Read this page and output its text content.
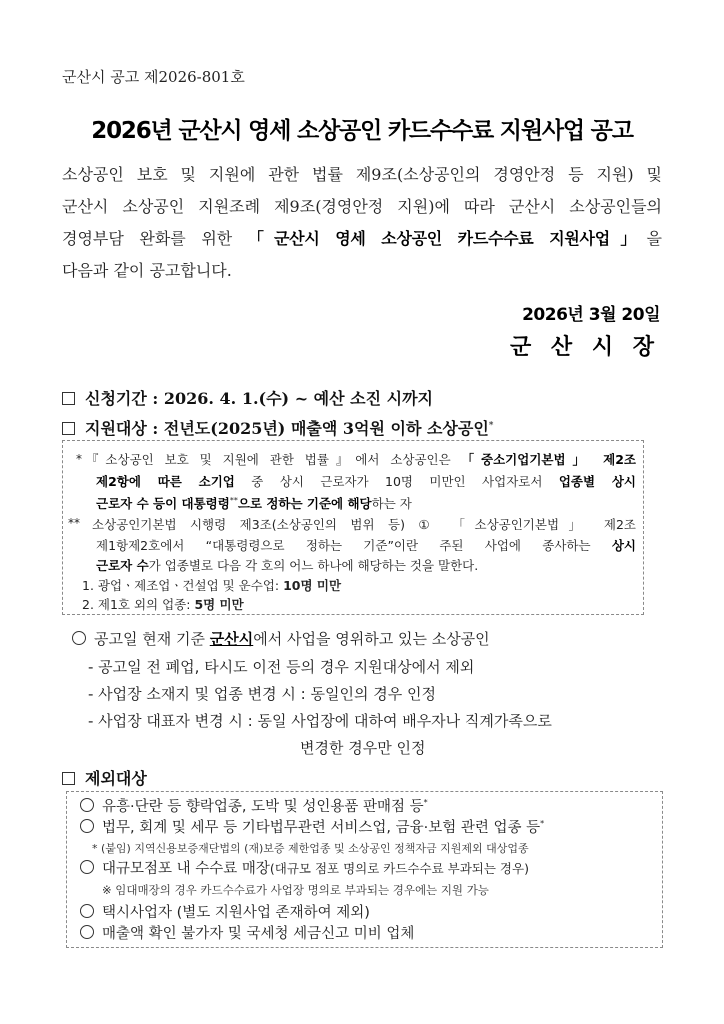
군산시 공고 제2026-801호
2026년 군산시 영세 소상공인 카드수수료 지원사업 공고
소상공인 보호 및 지원에 관한 법률 제9조(소상공인의 경영안정 등 지원) 및
군산시 소상공인 지원조례 제9조(경영안정 지원)에 따라 군산시 소상공인들의
경영부담 완화를 위한 「군산시 영세 소상공인 카드수수료 지원사업」을
다음과 같이 공고합니다.
2026년 3월 20일
군 산 시 장
신청기간 : 2026. 4. 1.(수) ~ 예산 소진 시까지
지원대상 : 전년도(2025년) 매출액 3억원 이하 소상공인*
* 『소상공인 보호 및 지원에 관한 법률』에서 소상공인은 「중소기업기본법」 제2조
제2항에 따른 소기업 중 상시 근로자가 10명 미만인 사업자로서 업종별 상시
근로자 수 등이 대통령령**으로 정하는 기준에 해당하는 자
** 소상공인기본법 시행령 제3조(소상공인의 범위 등) ① 「소상공인기본법」 제2조
제1항제2호에서 “대통령령으로 정하는 기준”이란 주된 사업에 종사하는 상시
근로자 수가 업종별로 다음 각 호의 어느 하나에 해당하는 것을 말한다.
1. 광업ㆍ제조업ㆍ건설업 및 운수업: 10명 미만
2. 제1호 외의 업종: 5명 미만
공고일 현재 기준 군산시에서 사업을 영위하고 있는 소상공인
- 공고일 전 폐업, 타시도 이전 등의 경우 지원대상에서 제외
- 사업장 소재지 및 업종 변경 시 : 동일인의 경우 인정
- 사업장 대표자 변경 시 : 동일 사업장에 대하여 배우자나 직계가족으로
변경한 경우만 인정
제외대상
유흥·단란 등 향락업종, 도박 및 성인용품 판매점 등*
법무, 회계 및 세무 등 기타법무관련 서비스업, 금융·보험 관련 업종 등*
* (붙임) 지역신용보증재단법의 (재)보증 제한업종 및 소상공인 정책자금 지원제외 대상업종
대규모점포 내 수수료 매장(대규모 점포 명의로 카드수수료 부과되는 경우)
※ 임대매장의 경우 카드수수료가 사업장 명의로 부과되는 경우에는 지원 가능
택시사업자 (별도 지원사업 존재하여 제외)
매출액 확인 불가자 및 국세청 세금신고 미비 업체
